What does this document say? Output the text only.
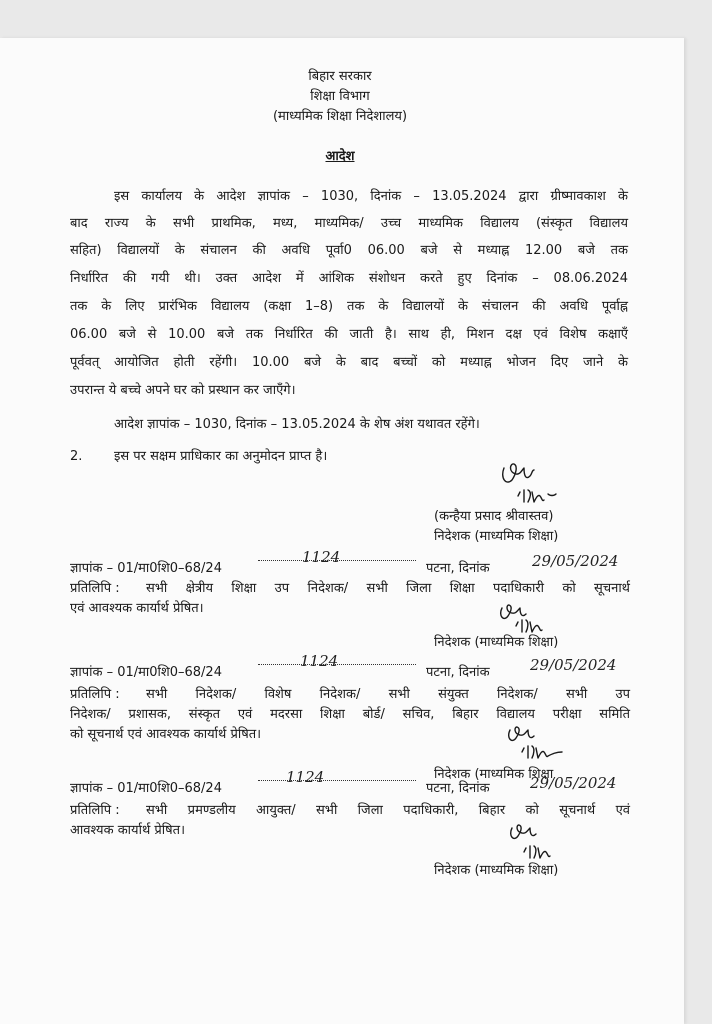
बिहार सरकार
शिक्षा विभाग
(माध्यमिक शिक्षा निदेशालय)
आदेश
इस कार्यालय के आदेश ज्ञापांक – 1030, दिनांक – 13.05.2024 द्वारा ग्रीष्मावकाश के
बाद राज्य के सभी प्राथमिक, मध्य, माध्यमिक/ उच्च माध्यमिक विद्यालय (संस्कृत विद्यालय
सहित) विद्यालयों के संचालन की अवधि पूर्वा0 06.00 बजे से मध्याह्न 12.00 बजे तक
निर्धारित की गयी थी। उक्त आदेश में आंशिक संशोधन करते हुए दिनांक – 08.06.2024
तक के लिए प्रारंभिक विद्यालय (कक्षा 1–8) तक के विद्यालयों के संचालन की अवधि पूर्वाह्न
06.00 बजे से 10.00 बजे तक निर्धारित की जाती है। साथ ही, मिशन दक्ष एवं विशेष कक्षाएँ
पूर्ववत् आयोजित होती रहेंगी। 10.00 बजे के बाद बच्चों को मध्याह्न भोजन दिए जाने के
उपरान्त ये बच्चे अपने घर को प्रस्थान कर जाएँगे।
आदेश ज्ञापांक – 1030, दिनांक – 13.05.2024 के शेष अंश यथावत रहेंगे।
2. इस पर सक्षम प्राधिकार का अनुमोदन प्राप्त है।
(कन्हैया प्रसाद श्रीवास्तव)
निदेशक (माध्यमिक शिक्षा)
ज्ञापांक – 01/मा0शि0–68/24
1124
पटना, दिनांक	29/05/2024
प्रतिलिपि : सभी क्षेत्रीय शिक्षा उप निदेशक/ सभी जिला शिक्षा पदाधिकारी को सूचनार्थ
एवं आवश्यक कार्यार्थ प्रेषित।
निदेशक (माध्यमिक शिक्षा)
ज्ञापांक – 01/मा0शि0–68/24
1124
पटना, दिनांक	29/05/2024
प्रतिलिपि : सभी निदेशक/ विशेष निदेशक/ सभी संयुक्त निदेशक/ सभी उप
निदेशक/ प्रशासक, संस्कृत एवं मदरसा शिक्षा बोर्ड/ सचिव, बिहार विद्यालय परीक्षा समिति
को सूचनार्थ एवं आवश्यक कार्यार्थ प्रेषित।
निदेशक (माध्यमिक शिक्षा
ज्ञापांक – 01/मा0शि0–68/24
1124
पटना, दिनांक	29/05/2024
प्रतिलिपि : सभी प्रमण्डलीय आयुक्त/ सभी जिला पदाधिकारी, बिहार को सूचनार्थ एवं
आवश्यक कार्यार्थ प्रेषित।
निदेशक (माध्यमिक शिक्षा)
